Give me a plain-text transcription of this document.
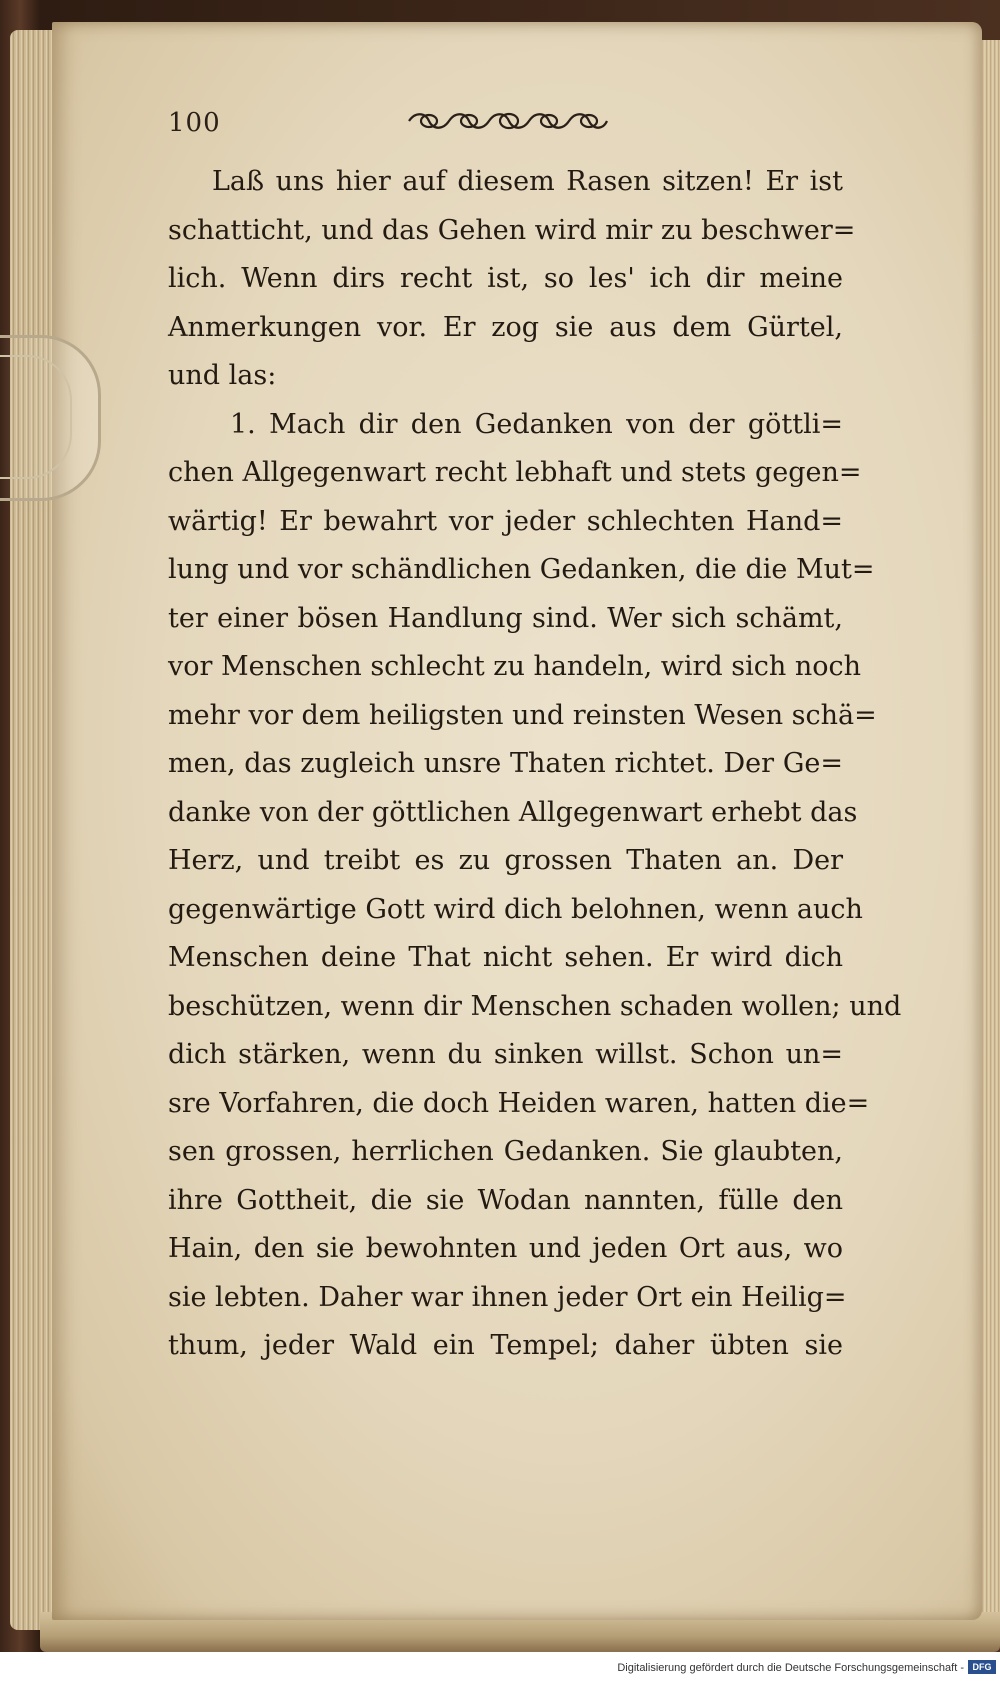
100
Laß uns hier auf diesem Rasen sitzen! Er ist
schatticht, und das Gehen wird mir zu beschwer=
lich. Wenn dirs recht ist, so les' ich dir meine
Anmerkungen vor. Er zog sie aus dem Gürtel,
und las:
1. Mach dir den Gedanken von der göttli=
chen Allgegenwart recht lebhaft und stets gegen=
wärtig! Er bewahrt vor jeder schlechten Hand=
lung und vor schändlichen Gedanken, die die Mut=
ter einer bösen Handlung sind. Wer sich schämt,
vor Menschen schlecht zu handeln, wird sich noch
mehr vor dem heiligsten und reinsten Wesen schä=
men, das zugleich unsre Thaten richtet. Der Ge=
danke von der göttlichen Allgegenwart erhebt das
Herz, und treibt es zu grossen Thaten an. Der
gegenwärtige Gott wird dich belohnen, wenn auch
Menschen deine That nicht sehen. Er wird dich
beschützen, wenn dir Menschen schaden wollen; und
dich stärken, wenn du sinken willst. Schon un=
sre Vorfahren, die doch Heiden waren, hatten die=
sen grossen, herrlichen Gedanken. Sie glaubten,
ihre Gottheit, die sie Wodan nannten, fülle den
Hain, den sie bewohnten und jeden Ort aus, wo
sie lebten. Daher war ihnen jeder Ort ein Heilig=
thum, jeder Wald ein Tempel; daher übten sie
Digitalisierung gefördert durch die Deutsche Forschungsgemeinschaft - DFG
